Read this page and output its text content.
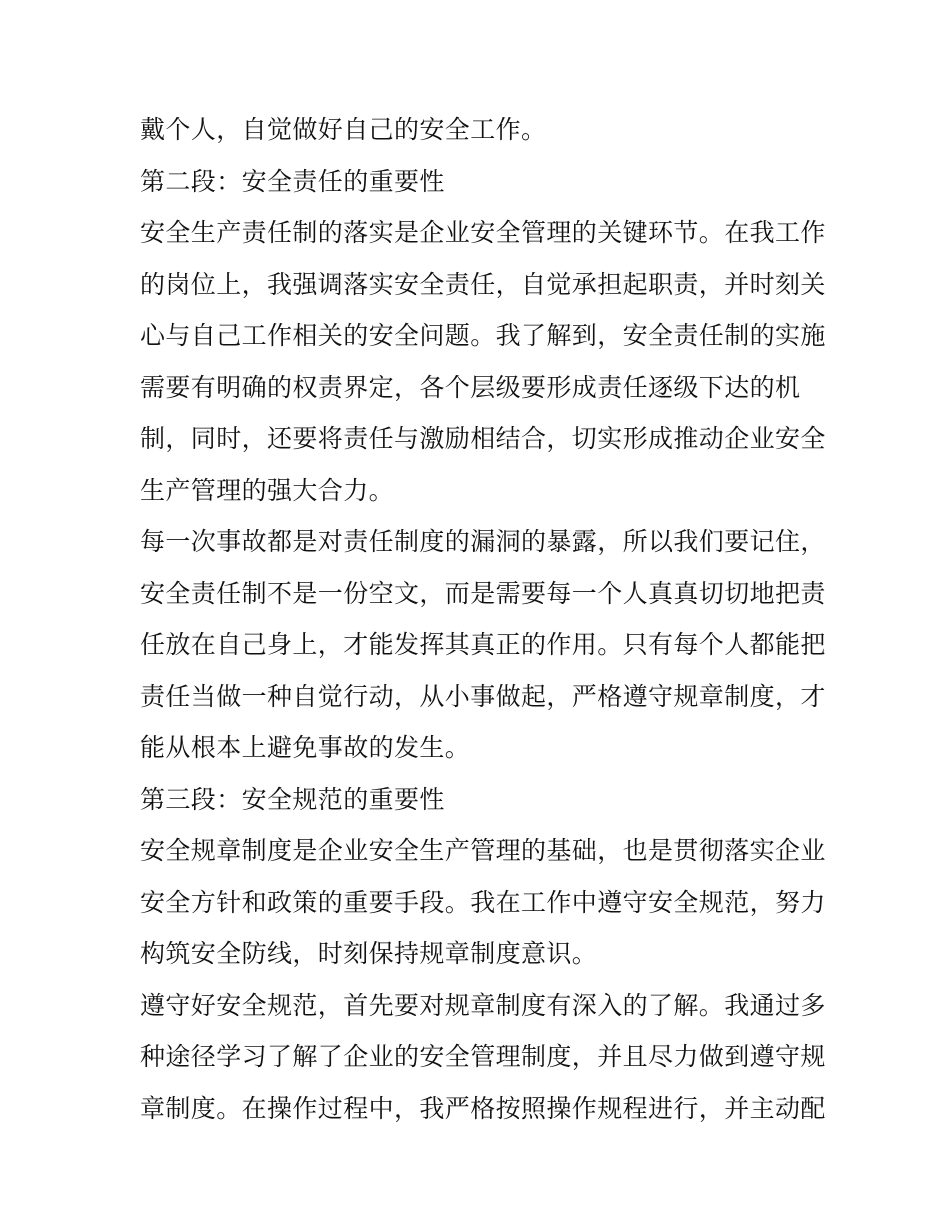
戴个人，自觉做好自己的安全工作。
第二段：安全责任的重要性
安全生产责任制的落实是企业安全管理的关键环节。在我工作
的岗位上，我强调落实安全责任，自觉承担起职责，并时刻关
心与自己工作相关的安全问题。我了解到，安全责任制的实施
需要有明确的权责界定，各个层级要形成责任逐级下达的机
制，同时，还要将责任与激励相结合，切实形成推动企业安全
生产管理的强大合力。
每一次事故都是对责任制度的漏洞的暴露，所以我们要记住，
安全责任制不是一份空文，而是需要每一个人真真切切地把责
任放在自己身上，才能发挥其真正的作用。只有每个人都能把
责任当做一种自觉行动，从小事做起，严格遵守规章制度，才
能从根本上避免事故的发生。
第三段：安全规范的重要性
安全规章制度是企业安全生产管理的基础，也是贯彻落实企业
安全方针和政策的重要手段。我在工作中遵守安全规范，努力
构筑安全防线，时刻保持规章制度意识。
遵守好安全规范，首先要对规章制度有深入的了解。我通过多
种途径学习了解了企业的安全管理制度，并且尽力做到遵守规
章制度。在操作过程中，我严格按照操作规程进行，并主动配
